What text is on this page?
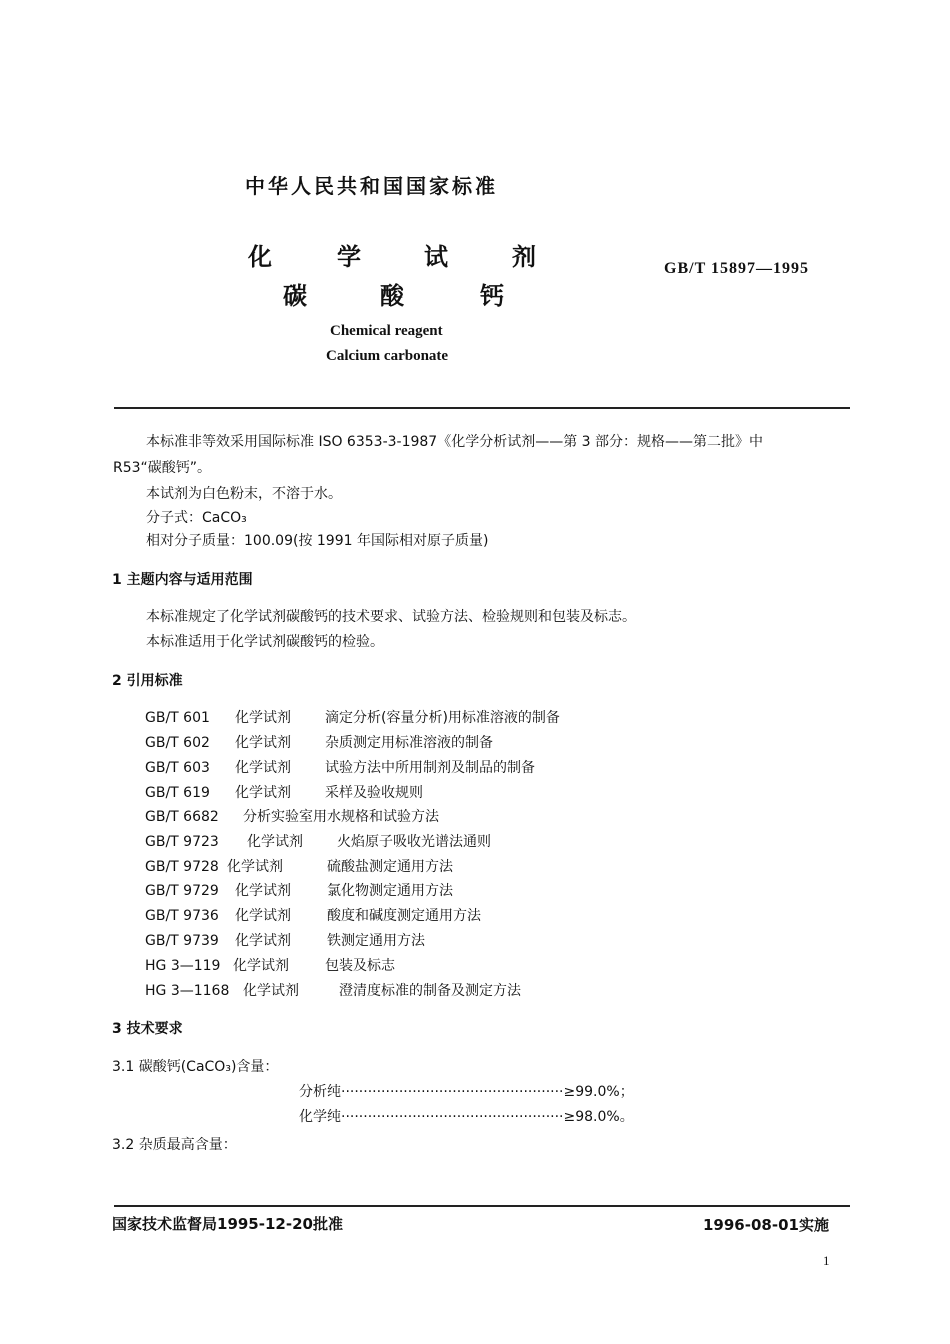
中华人民共和国国家标准
化	学	试	剂
碳	酸	钙
GB/T 15897—1995
Chemical reagent
Calcium carbonate
本标准非等效采用国际标准 ISO 6353-3-1987《化学分析试剂——第 3 部分：规格——第二批》中
R53“碳酸钙”。
本试剂为白色粉末，不溶于水。
分子式：CaCO₃
相对分子质量：100.09(按 1991 年国际相对原子质量)
1 主题内容与适用范围
本标准规定了化学试剂碳酸钙的技术要求、试验方法、检验规则和包装及标志。
本标准适用于化学试剂碳酸钙的检验。
2 引用标准
GB/T 601 化学试剂 滴定分析(容量分析)用标准溶液的制备
GB/T 602 化学试剂 杂质测定用标准溶液的制备
GB/T 603 化学试剂 试验方法中所用制剂及制品的制备
GB/T 619 化学试剂 采样及验收规则
GB/T 6682 分析实验室用水规格和试验方法
GB/T 9723 化学试剂 火焰原子吸收光谱法通则
GB/T 9728 化学试剂	硫酸盐测定通用方法
GB/T 9729 化学试剂	氯化物测定通用方法
GB/T 9736 化学试剂	酸度和碱度测定通用方法
GB/T 9739 化学试剂	铁测定通用方法
HG 3—119 化学试剂	包装及标志
HG 3—1168 化学试剂	澄清度标准的制备及测定方法
3 技术要求
3.1 碳酸钙(CaCO₃)含量：
分析纯··················································≥99.0%；
化学纯··················································≥98.0%。
3.2 杂质最高含量：
国家技术监督局1995-12-20批准	1996-08-01实施
1
